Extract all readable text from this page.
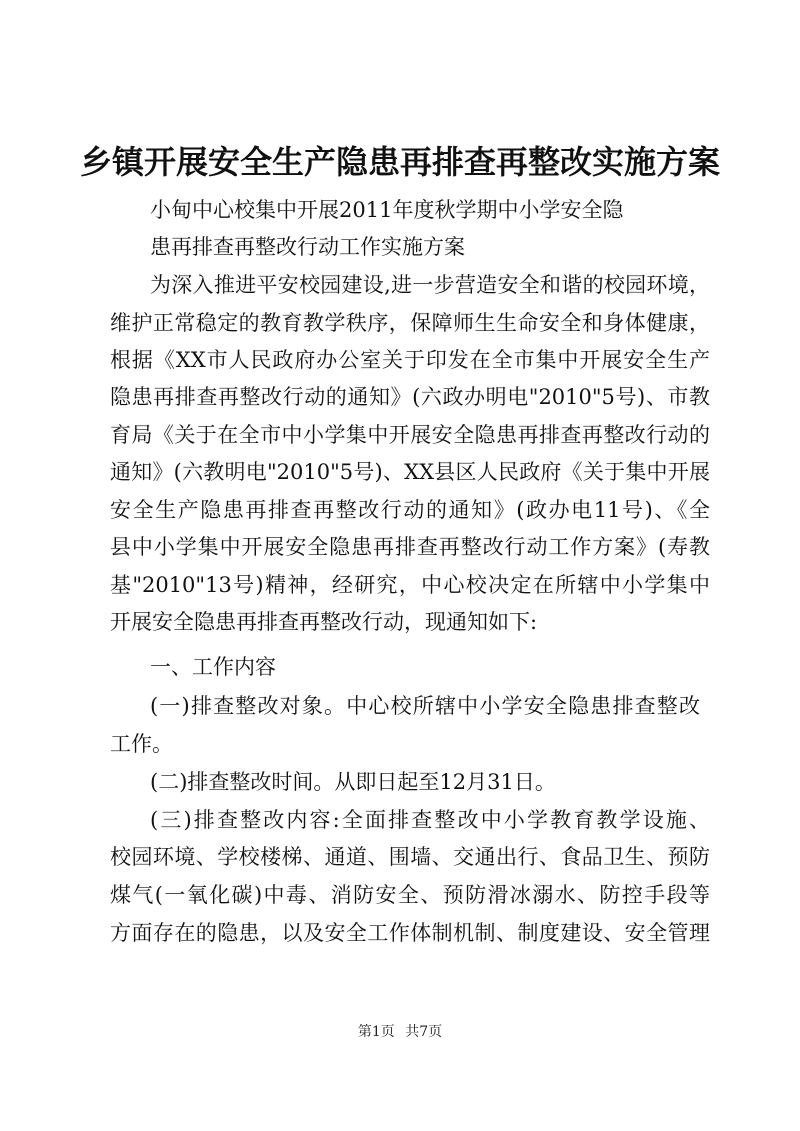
乡镇开展安全生产隐患再排查再整改实施方案
小甸中心校集中开展2011年度秋学期中小学安全隐
患再排查再整改行动工作实施方案
为深入推进平安校园建设,进一步营造安全和谐的校园环境，
维护正常稳定的教育教学秩序，保障师生生命安全和身体健康，
根据《XX市人民政府办公室关于印发在全市集中开展安全生产
隐患再排查再整改行动的通知》(六政办明电"2010"5号)、市教
育局《关于在全市中小学集中开展安全隐患再排查再整改行动的
通知》(六教明电"2010"5号)、XX县区人民政府《关于集中开展
安全生产隐患再排查再整改行动的通知》(政办电11号)、《全
县中小学集中开展安全隐患再排查再整改行动工作方案》(寿教
基"2010"13号)精神，经研究，中心校决定在所辖中小学集中
开展安全隐患再排查再整改行动，现通知如下:
一、工作内容
(一)排查整改对象。中心校所辖中小学安全隐患排查整改
工作。
(二)排查整改时间。从即日起至12月31日。
(三)排查整改内容:全面排查整改中小学教育教学设施、
校园环境、学校楼梯、通道、围墙、交通出行、食品卫生、预防
煤气(一氧化碳)中毒、消防安全、预防滑冰溺水、防控手段等
方面存在的隐患，以及安全工作体制机制、制度建设、安全管理
第1页 共7页
